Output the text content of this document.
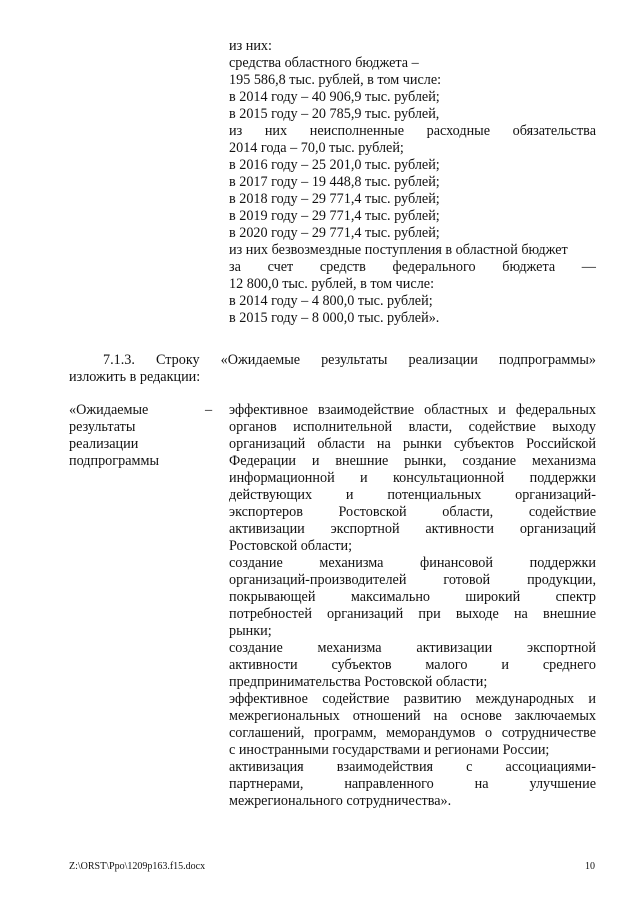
из них:
средства областного бюджета –
195 586,8 тыс. рублей, в том числе:
в 2014 году – 40 906,9 тыс. рублей;
в 2015 году – 20 785,9 тыс. рублей,
из них неисполненные расходные обязательства
2014 года – 70,0 тыс. рублей;
в 2016 году – 25 201,0 тыс. рублей;
в 2017 году – 19 448,8 тыс. рублей;
в 2018 году – 29 771,4 тыс. рублей;
в 2019 году – 29 771,4 тыс. рублей;
в 2020 году – 29 771,4 тыс. рублей;
из них безвозмездные поступления в областной бюджет
за счет средств федерального бюджета —
12 800,0 тыс. рублей, в том числе:
в 2014 году – 4 800,0 тыс. рублей;
в 2015 году – 8 000,0 тыс. рублей».
7.1.3. Строку «Ожидаемые результаты реализации подпрограммы»
изложить в редакции:
«Ожидаемые
результаты
реализации
подпрограммы
– эффективное взаимодействие областных и федеральных
органов исполнительной власти, содействие выходу
организаций области на рынки субъектов Российской
Федерации и внешние рынки, создание механизма
информационной и консультационной поддержки
действующих и потенциальных организаций-
экспортеров Ростовской области, содействие
активизации экспортной активности организаций
Ростовской области;
создание механизма финансовой поддержки
организаций-производителей готовой продукции,
покрывающей максимально широкий спектр
потребностей организаций при выходе на внешние
рынки;
создание механизма активизации экспортной
активности субъектов малого и среднего
предпринимательства Ростовской области;
эффективное содействие развитию международных и
межрегиональных отношений на основе заключаемых
соглашений, программ, меморандумов о сотрудничестве
с иностранными государствами и регионами России;
активизация взаимодействия с ассоциациями-
партнерами, направленного на улучшение
межрегионального сотрудничества».
Z:\ORST\Ppo\1209p163.f15.docx	10
